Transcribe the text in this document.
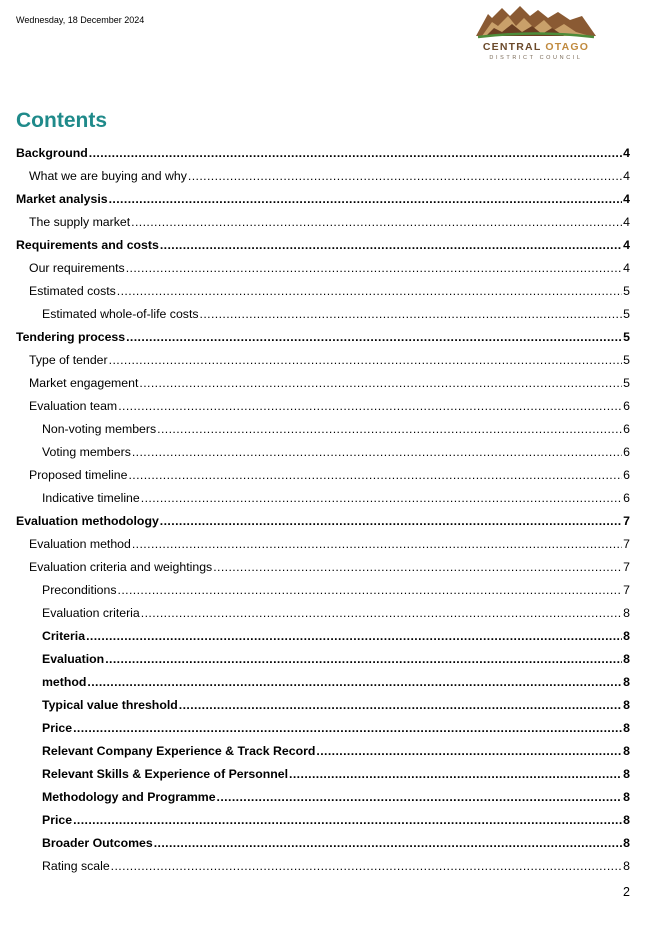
Wednesday, 18 December 2024
CENTRAL OTAGO
DISTRICT COUNCIL
Contents
Background .....	4
What we are buying and why .....	4
Market analysis .....	4
The supply market .....	4
Requirements and costs .....	4
Our requirements .....	4
Estimated costs .....	5
Estimated whole-of-life costs .....	5
Tendering process .....	5
Type of tender .....	5
Market engagement .....	5
Evaluation team .....	6
Non-voting members .....	6
Voting members .....	6
Proposed timeline .....	6
Indicative timeline .....	6
Evaluation methodology .....	7
Evaluation method .....	7
Evaluation criteria and weightings .....	7
Preconditions .....	7
Evaluation criteria .....	8
Criteria .....	8
Evaluation .....	8
method .....	8
Typical value threshold .....	8
Price .....	8
Relevant Company Experience & Track Record .....	8
Relevant Skills & Experience of Personnel .....	8
Methodology and Programme .....	8
Price .....	8
Broader Outcomes .....	8
Rating scale .....	8
2
